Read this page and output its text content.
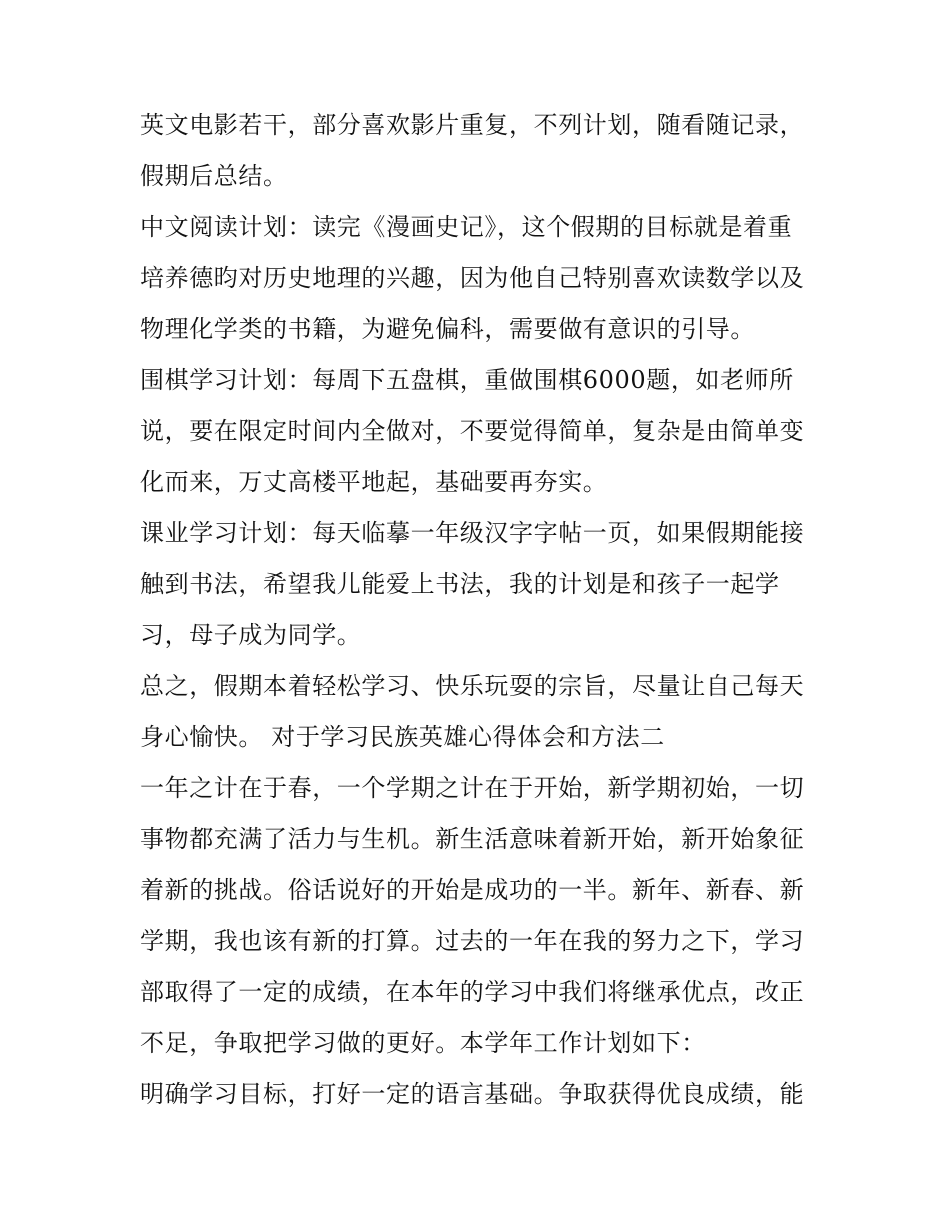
英文电影若干，部分喜欢影片重复，不列计划，随看随记录，
假期后总结。
中文阅读计划：读完《漫画史记》，这个假期的目标就是着重
培养德昀对历史地理的兴趣，因为他自己特别喜欢读数学以及
物理化学类的书籍，为避免偏科，需要做有意识的引导。
围棋学习计划：每周下五盘棋，重做围棋6000题，如老师所
说，要在限定时间内全做对，不要觉得简单，复杂是由简单变
化而来，万丈高楼平地起，基础要再夯实。
课业学习计划：每天临摹一年级汉字字帖一页，如果假期能接
触到书法，希望我儿能爱上书法，我的计划是和孩子一起学
习，母子成为同学。
总之，假期本着轻松学习、快乐玩耍的宗旨，尽量让自己每天
身心愉快。 对于学习民族英雄心得体会和方法二
一年之计在于春，一个学期之计在于开始，新学期初始，一切
事物都充满了活力与生机。新生活意味着新开始，新开始象征
着新的挑战。俗话说好的开始是成功的一半。新年、新春、新
学期，我也该有新的打算。过去的一年在我的努力之下，学习
部取得了一定的成绩，在本年的学习中我们将继承优点，改正
不足，争取把学习做的更好。本学年工作计划如下：
明确学习目标，打好一定的语言基础。争取获得优良成绩，能
